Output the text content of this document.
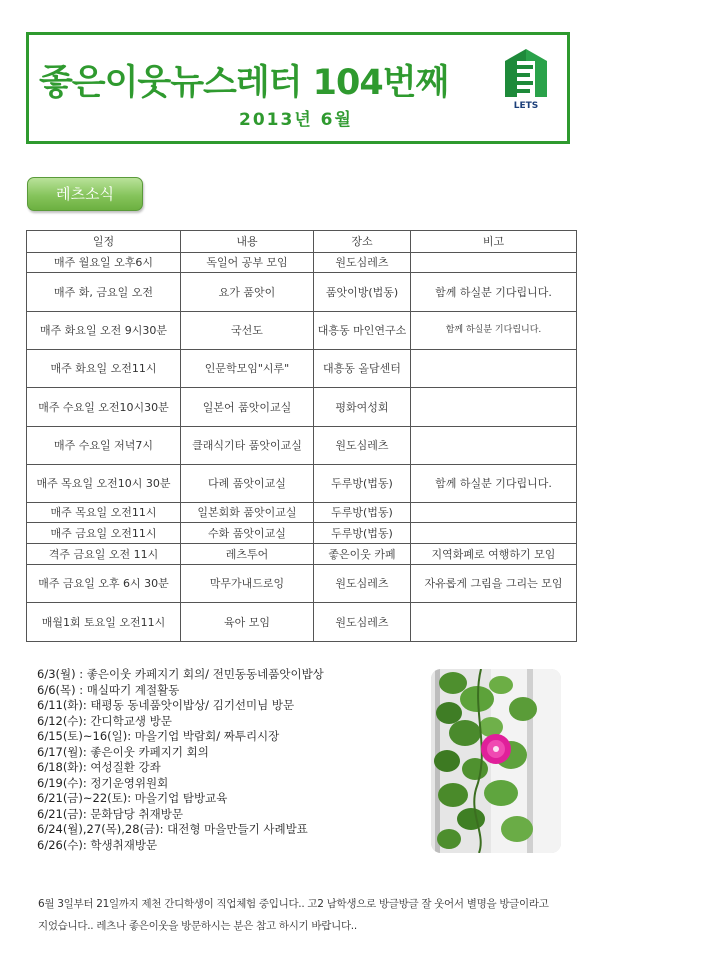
좋은이웃뉴스레터 104번째
2013년 6월
LETS
레츠소식
일정	내용	장소	비고
매주 월요일 오후6시	독일어 공부 모임	원도심레츠	
매주 화, 금요일 오전	요가 품앗이	품앗이방(법동)	함께 하실분 기다립니다.
매주 화요일 오전 9시30분	국선도	대흥동 마인연구소	함께 하실분 기다립니다.
매주 화요일 오전11시	인문학모임"시루"	대흥동 올담센터	
매주 수요일 오전10시30분	일본어 품앗이교실	평화여성회	
매주 수요일 저녁7시	클래식기타 품앗이교실	원도심레츠	
매주 목요일 오전10시 30분	다례 품앗이교실	두루방(법동)	함께 하실분 기다립니다.
매주 목요일 오전11시	일본회화 품앗이교실	두루방(법동)	
매주 금요일 오전11시	수화 품앗이교실	두루방(법동)	
격주 금요일 오전 11시	레츠투어	좋은이웃 카페	지역화폐로 여행하기 모임
매주 금요일 오후 6시 30분	막무가내드로잉	원도심레츠	자유롭게 그림을 그리는 모임
매월1회 토요일 오전11시	육아 모임	원도심레츠	
6/3(월) : 좋은이웃 카페지기 회의/ 전민동동네품앗이밥상
6/6(목) : 매실따기 계절활동
6/11(화): 태평동 동네품앗이밥상/ 김기선미님 방문
6/12(수): 간디학교생 방문
6/15(토)~16(일): 마을기업 박람회/ 짜투리시장
6/17(월): 좋은이웃 카페지기 회의
6/18(화): 여성질환 강좌
6/19(수): 정기운영위원회
6/21(금)~22(토): 마을기업 탐방교육
6/21(금): 문화담당 취재방문
6/24(월),27(목),28(금): 대전형 마을만들기 사례발표
6/26(수): 학생취재방문
6월 3일부터 21일까지 제천 간디학생이 직업체험 중입니다.. 고2 남학생으로 방글방글 잘 웃어서 별명을 방글이라고
지었습니다.. 레츠나 좋은이웃을 방문하시는 분은 참고 하시기 바랍니다..
